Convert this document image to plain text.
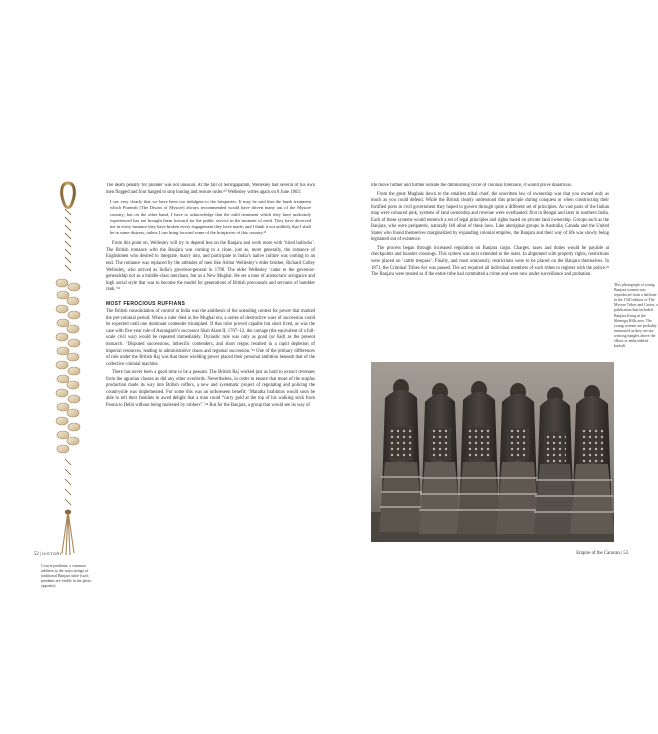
Cowrie pendants: a common addition to the waist strings of traditional Banjara attire (such pendants are visible in the photo opposite).

The death penalty for plunder was not unusual. At the fall of Seringapatam, Wellesley had several of his own men flogged and four hanged to stop looting and restore order.²⁰ Wellesley writes again on 8 June 1803:

I see very clearly that we have been too indulgent to the brinjarries. It may be said that the harsh treatment which Purneah [The Diwan of Mysore] always recommended would have driven many out of the Mysore country; but on the other hand, I have to acknowledge that the mild treatment which they have uniformly experienced has not brought them forward for the public service in the moment of need. They have deceived me in every instance they have broken every engagement they have made; and I think it not unlikely that I shall be in some distress, unless I can bring forward some of the brinjarries of this country.²¹

From this point on, Wellesley will try to depend less on the Banjara and work more with ‘hired bullocks’. The British romance with the Banjara was coming to a close, just as, more generally, the romance of Englishmen who desired to integrate, marry into, and participate in India’s native culture was coming to an end. The romance was replaced by the attitudes of men like Arthur Wellesley’s elder brother, Richard Colley Wellesley, who arrived as India’s governor-general in 1798. The elder Wellesley ‘came to the governor-generalship not as a middle-class merchant, but as a New Mughal. He set a tone of aristocratic arrogance and high social style that was to become the model for generations of British proconsuls and servants of humbler rank.’²²

MOST FEROCIOUS RUFFIANS

The British consolidation of control in India was the antithesis of the unending contest for power that marked the pre-colonial period. When a ruler died in the Mughal era, a series of destructive wars of succession could be expected until one dominant contender triumphed. If that ruler proved capable but short lived, as was the case with five-year rule of Aurangzeb’s successor Shah Alam II, 1707–12, the carnage (the equivalent of a full-scale civil war) would be repeated immediately. Dynastic rule was only as good (or bad) as the present monarch. ‘Disputed successions, imbecilic contenders, and short reigns resulted in a rapid depletion of imperial resources, leading to administrative chaos and regional succession.’²³ One of the primary differences of rule under the British Raj was that those wielding power placed their personal ambition beneath that of the collective colonial machine.

There has never been a good time to be a peasant. The British Raj worked just as hard to extract revenues from the agrarian classes as did any other overlords. Nevertheless, in order to ensure that more of the surplus production made its way into British coffers, a new and systematic project of regulating and policing the countryside was implemented. For some this was an unforeseen benefit: ‘Maratha brahmins would soon be able to tell their families in awed delight that a man could “carry gold at the top of his walking stick from Poona to Delhi without being molested by robbers”.’²⁴ But for the Banjara, a group that would see its way of

life move further and further outside the diminishing circle of colonial tolerance, it would prove disastrous.

From the great Mughals down to the smallest tribal chief, the unwritten law of ownership was that you owned only as much as you could defend. While the British clearly understood this principle during conquest or when constructing their fortified ports in civil government they hoped to govern through quite a different set of principles. As vast parts of the Indian map were coloured pink, systems of land ownership and revenue were overhauled: first in Bengal and later in southern India. Each of these systems would entrench a set of legal principles and rights based on private land ownership. Groups such as the Banjara, who were peripatetic, naturally fell afoul of these laws. Like aboriginal groups in Australia, Canada and the United States who found themselves marginalized by expanding colonial empires, the Banjara and their way of life was slowly being legislated out of existence.

The process began through increased regulation on Banjara cargo. Charges, taxes and duties would be payable at checkpoints and boarder crossings. This system was next extended to the users. In alignment with property rights, restrictions were placed on ‘cattle trespass’. Finally, and most ominously, restrictions were to be placed on the Banjara themselves. In 1871, the Criminal Tribes Act was passed. The act required all individual members of such tribes to register with the police.²⁵ The Banjara were treated as if the entire tribe had committed a crime and were now under surveillance and probation.

This photograph of young Banjara women was reproduced from a halftone in the 1920 edition of The Mysore Tribes and Castes, a publication that included Banjara living in the Shimoga Hills area. The young women are probably unmarried as they are not wearing bangles above the elbow or embroidered kachali.
52 | HISTORY	Empire of the Caravan | 53
